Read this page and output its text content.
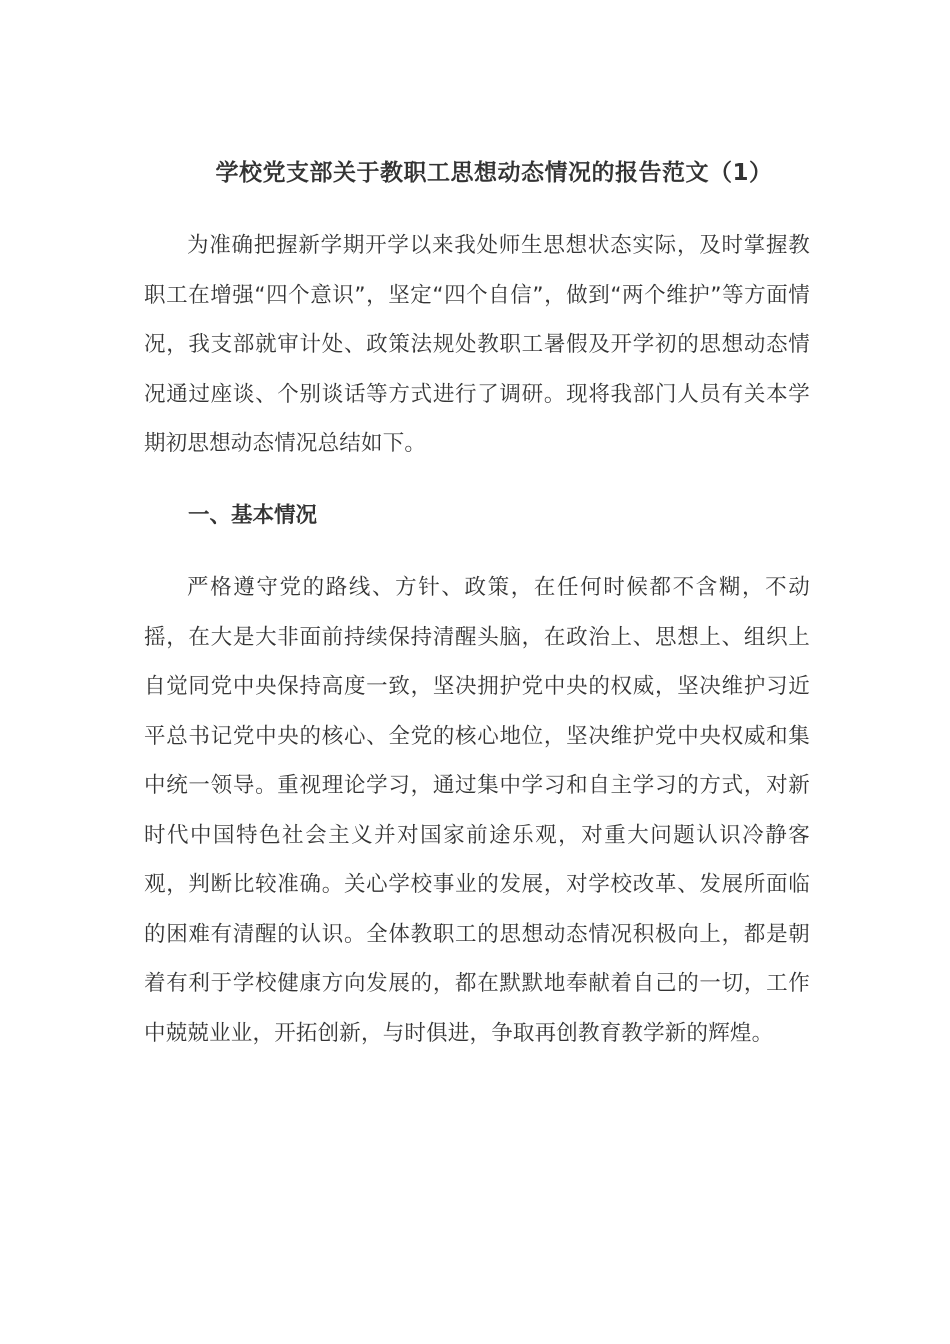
学校党支部关于教职工思想动态情况的报告范文（1）

为准确把握新学期开学以来我处师生思想状态实际，及时掌握教职工在增强“四个意识”，坚定“四个自信”，做到“两个维护”等方面情况，我支部就审计处、政策法规处教职工暑假及开学初的思想动态情况通过座谈、个别谈话等方式进行了调研。现将我部门人员有关本学期初思想动态情况总结如下。

一、基本情况

严格遵守党的路线、方针、政策，在任何时候都不含糊，不动摇，在大是大非面前持续保持清醒头脑，在政治上、思想上、组织上自觉同党中央保持高度一致，坚决拥护党中央的权威，坚决维护习近平总书记党中央的核心、全党的核心地位，坚决维护党中央权威和集中统一领导。重视理论学习，通过集中学习和自主学习的方式，对新时代中国特色社会主义并对国家前途乐观，对重大问题认识冷静客观，判断比较准确。关心学校事业的发展，对学校改革、发展所面临的困难有清醒的认识。全体教职工的思想动态情况积极向上，都是朝着有利于学校健康方向发展的，都在默默地奉献着自己的一切，工作中兢兢业业，开拓创新，与时俱进，争取再创教育教学新的辉煌。
